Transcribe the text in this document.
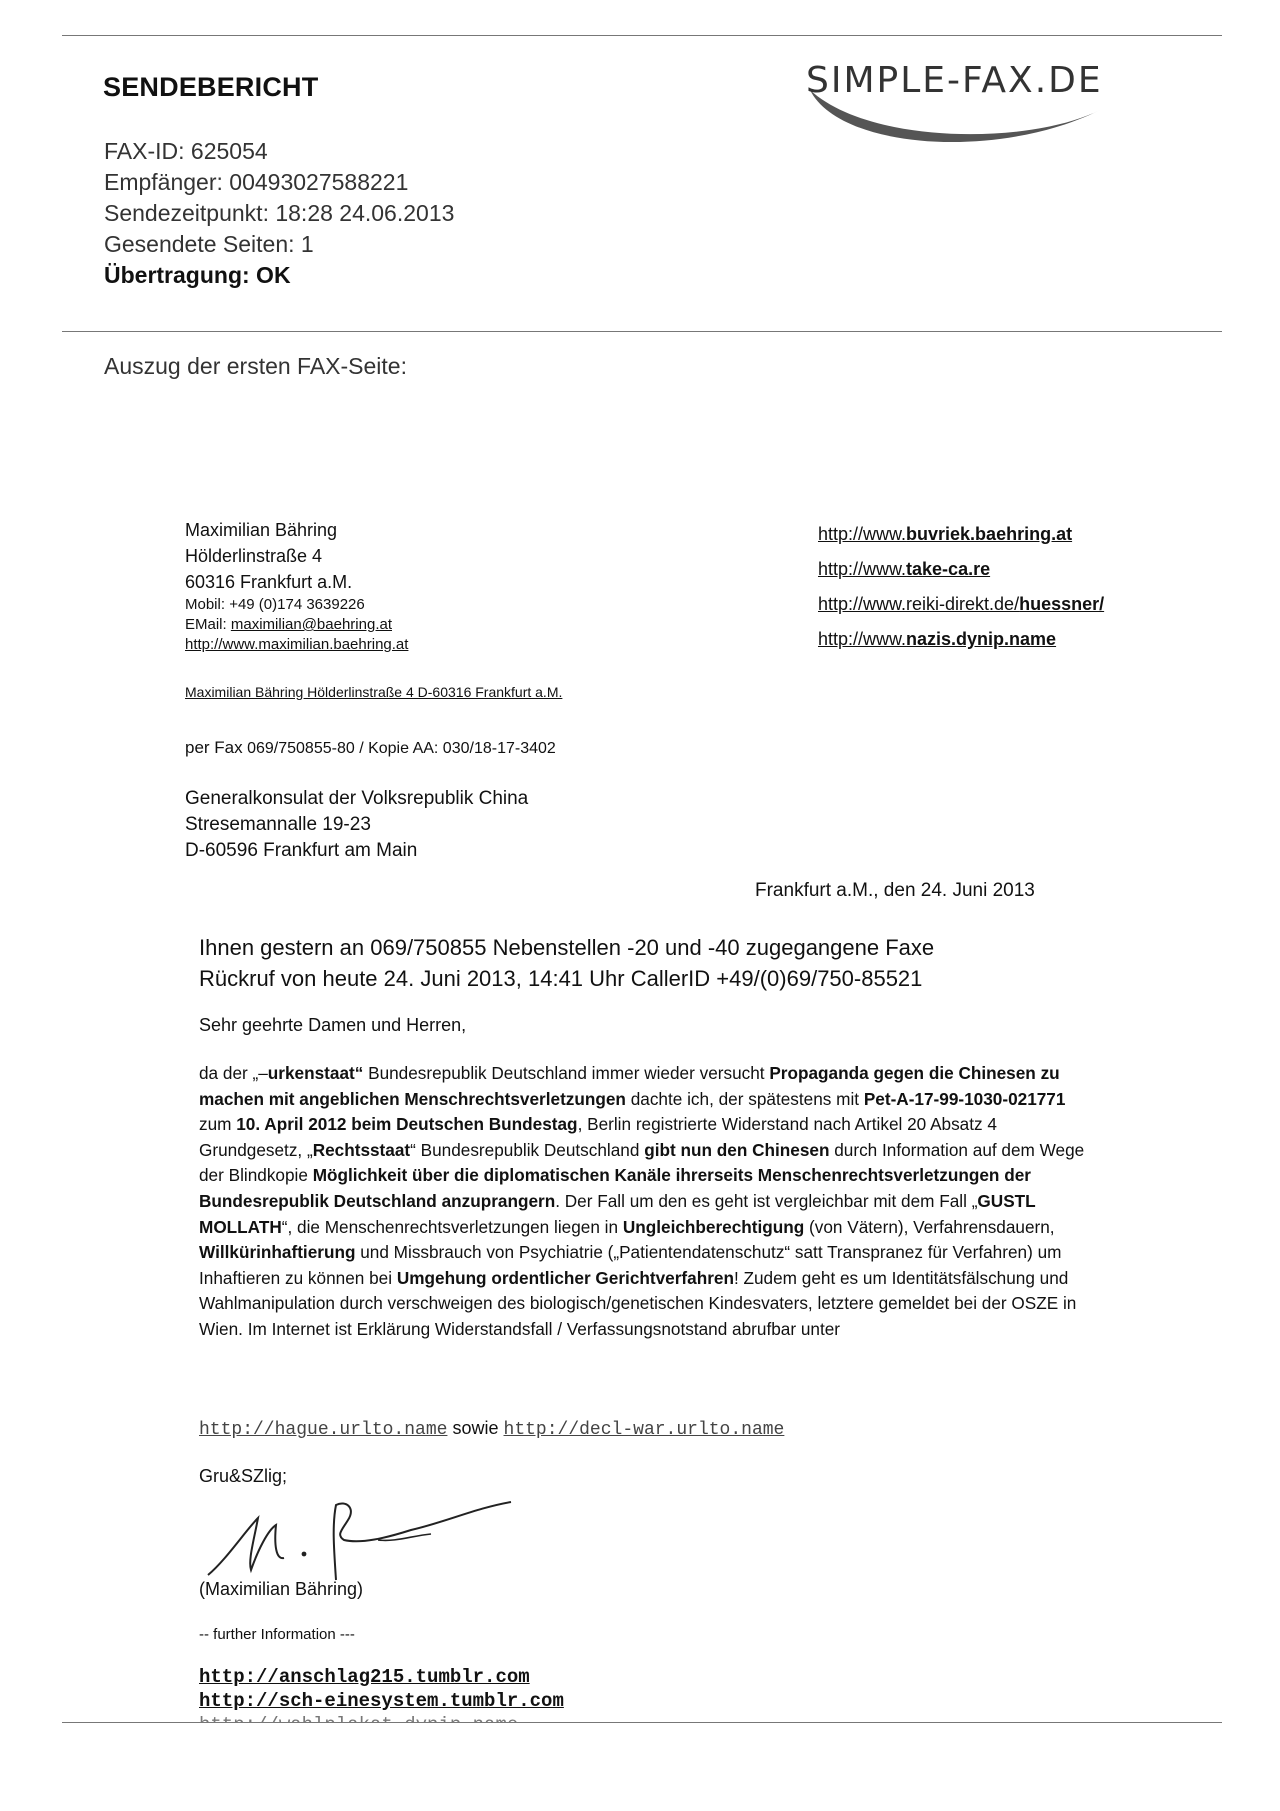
SENDEBERICHT	SIMPLE-FAX.DE
FAX-ID: 625054
Empfänger: 00493027588221
Sendezeitpunkt: 18:28 24.06.2013
Gesendete Seiten: 1
Übertragung: OK
Auszug der ersten FAX-Seite:
Maximilian Bähring
Hölderlinstraße 4
60316 Frankfurt a.M.
Mobil: +49 (0)174 3639226
EMail: maximilian@baehring.at
http://www.maximilian.baehring.at
http://www.buvriek.baehring.at
http://www.take-ca.re
http://www.reiki-direkt.de/huessner/
http://www.nazis.dynip.name
Maximilian Bähring Hölderlinstraße 4 D-60316 Frankfurt a.M.
per Fax 069/750855-80 / Kopie AA: 030/18-17-3402
Generalkonsulat der Volksrepublik China
Stresemannalle 19-23
D-60596 Frankfurt am Main
Frankfurt a.M., den 24. Juni 2013
Ihnen gestern an 069/750855 Nebenstellen -20 und -40 zugegangene Faxe
Rückruf von heute 24. Juni 2013, 14:41 Uhr CallerID +49/(0)69/750-85521
Sehr geehrte Damen und Herren,
da der „–urkenstaat“ Bundesrepublik Deutschland immer wieder versucht Propaganda gegen die Chinesen zu machen mit angeblichen Menschrechtsverletzungen dachte ich, der spätestens mit Pet-A-17-99-1030-021771 zum 10. April 2012 beim Deutschen Bundestag, Berlin registrierte Widerstand nach Artikel 20 Absatz 4 Grundgesetz, „Rechtsstaat“ Bundesrepublik Deutschland gibt nun den Chinesen durch Information auf dem Wege der Blindkopie Möglichkeit über die diplomatischen Kanäle ihrerseits Menschenrechtsverletzungen der Bundesrepublik Deutschland anzuprangern. Der Fall um den es geht ist vergleichbar mit dem Fall „GUSTL MOLLATH“, die Menschenrechtsverletzungen liegen in Ungleichberechtigung (von Vätern), Verfahrensdauern, Willkürinhaftierung und Missbrauch von Psychiatrie („Patientendatenschutz“ satt Transpranez für Verfahren) um Inhaftieren zu können bei Umgehung ordentlicher Gerichtverfahren! Zudem geht es um Identitätsfälschung und Wahlmanipulation durch verschweigen des biologisch/genetischen Kindesvaters, letztere gemeldet bei der OSZE in Wien. Im Internet ist Erklärung Widerstandsfall / Verfassungsnotstand abrufbar unter
http://hague.urlto.name sowie http://decl-war.urlto.name
Gru&SZlig;
(Maximilian Bähring)
-- further Information ---
http://anschlag215.tumblr.com
http://sch-einesystem.tumblr.com
